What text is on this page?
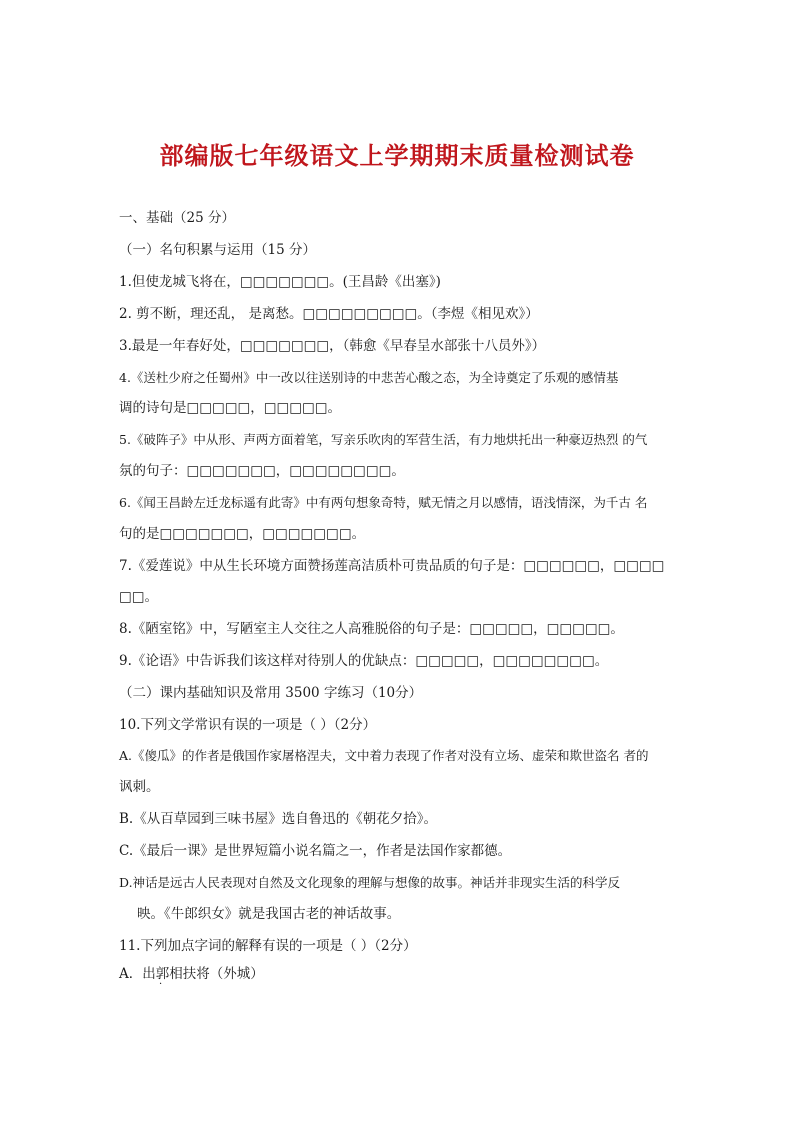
部编版七年级语文上学期期末质量检测试卷
一、基础（25 分）
（一）名句积累与运用（15 分）
1.但使龙城飞将在，□□□□□□□。(王昌龄《出塞》)
2. 剪不断，理还乱， 是离愁。□□□□□□□□□。（李煜《相见欢》）
3.最是一年春好处，□□□□□□□，（韩愈《早春呈水部张十八员外》）
4.《送杜少府之任蜀州》中一改以往送别诗的中悲苦心酸之态，为全诗奠定了乐观的感情基
调的诗句是□□□□□，□□□□□。
5.《破阵子》中从形、声两方面着笔，写亲乐吹肉的军营生活，有力地烘托出一种豪迈热烈 的气
氛的句子：□□□□□□□，□□□□□□□□。
6.《闻王昌龄左迁龙标遥有此寄》中有两句想象奇特，赋无情之月以感情，语浅情深，为千古 名
句的是□□□□□□□，□□□□□□□。
7.《爱莲说》中从生长环境方面赞扬莲高洁质朴可贵品质的句子是：□□□□□□，□□□□
□□。
8.《陋室铭》中，写陋室主人交往之人高雅脱俗的句子是：□□□□□，□□□□□。
9.《论语》中告诉我们该这样对待别人的优缺点：□□□□□，□□□□□□□□。
（二）课内基础知识及常用 3500 字练习（10分）
10.下列文学常识有误的一项是（ ）（2分）
A.《傻瓜》的作者是俄国作家屠格涅夫，文中着力表现了作者对没有立场、虚荣和欺世盗名 者的
讽刺。
B.《从百草园到三味书屋》选自鲁迅的《朝花夕拾》。
C.《最后一课》是世界短篇小说名篇之一，作者是法国作家都德。
D.神话是远古人民表现对自然及文化现象的理解与想像的故事。神话并非现实生活的科学反
映。《牛郎织女》就是我国古老的神话故事。
11.下列加点字词的解释有误的一项是（ ）（2分）
A．出郭相扶将（外城）
·
